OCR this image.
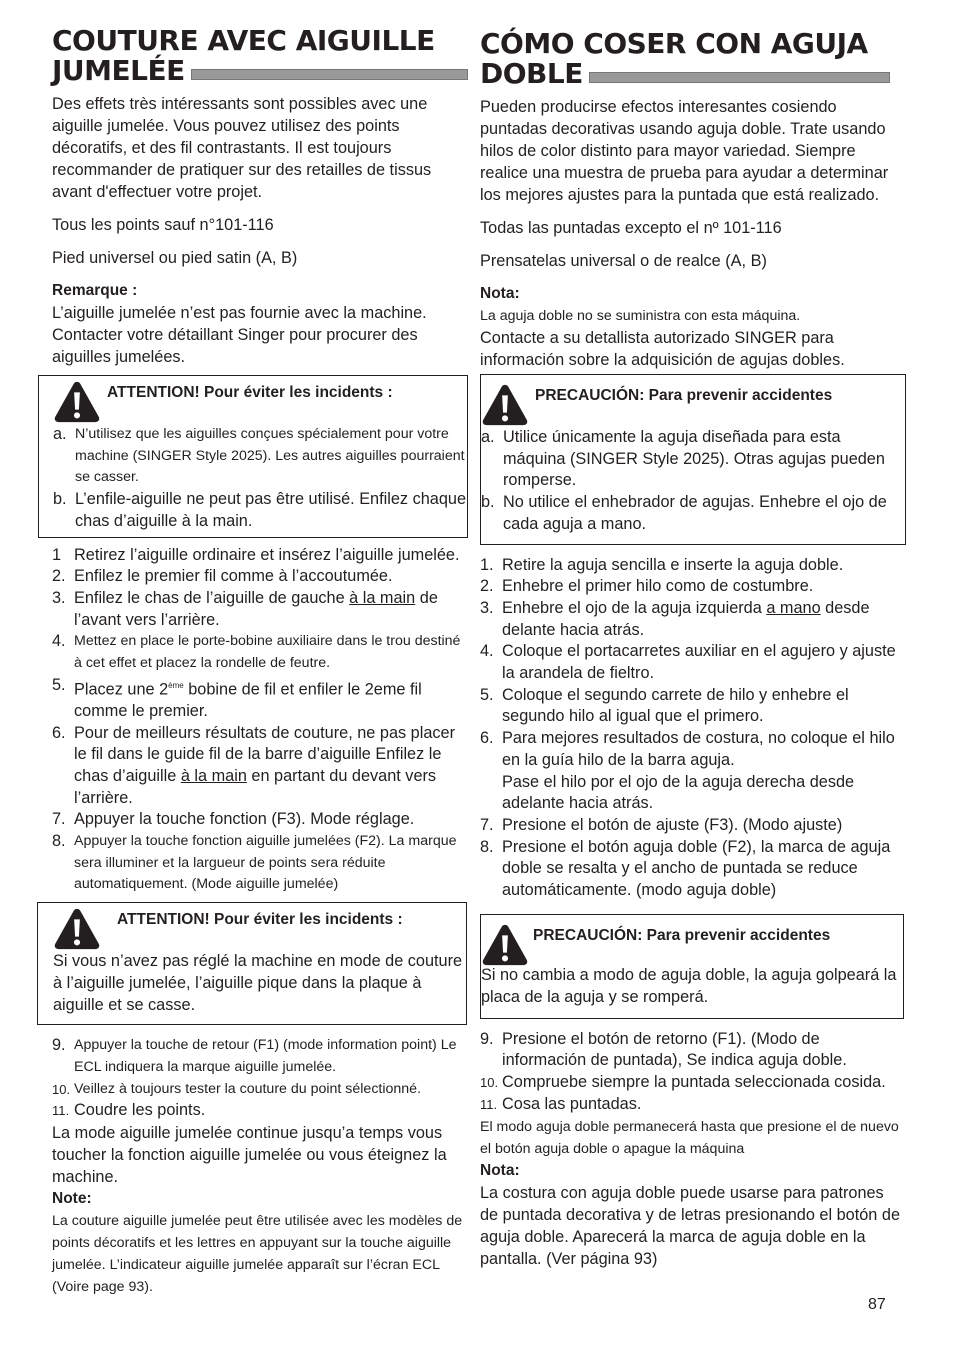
COUTURE AVEC AIGUILLE
JUMELÉE

Des effets très intéressants sont possibles avec une aiguille jumelée. Vous pouvez utilisez des points décoratifs, et des fil contrastants. Il est toujours recommander de pratiquer sur des retailles de tissus avant d'effectuer votre projet.

Tous les points sauf n°101-116

Pied universel ou pied satin (A, B)

Remarque :

L’aiguille jumelée n’est pas fournie avec la machine. Contacter votre détaillant Singer pour procurer des aiguilles jumelées.

ATTENTION! Pour éviter les incidents :
a. N’utilisez que les aiguilles conçues spécialement pour votre machine (SINGER Style 2025). Les autres aiguilles pourraient se casser.
b. L’enfile-aiguille ne peut pas être utilisé. Enfilez chaque chas d’aiguille à la main.
1 Retirez l’aiguille ordinaire et insérez l’aiguille jumelée.
2. Enfilez le premier fil comme à l’accoutumée.
3. Enfilez le chas de l’aiguille de gauche à la main de l’avant vers l’arrière.
4. Mettez en place le porte-bobine auxiliaire dans le trou destiné à cet effet et placez la rondelle de feutre.
5. Placez une 2ème bobine de fil et enfiler le 2eme fil comme le premier.
6. Pour de meilleurs résultats de couture, ne pas placer le fil dans le guide fil de la barre d’aiguille Enfilez le chas d’aiguille à la main en partant du devant vers l’arrière.
7. Appuyer la touche fonction (F3). Mode réglage.
8. Appuyer la touche fonction aiguille jumelées (F2). La marque sera illuminer et la largueur de points sera réduite automatiquement. (Mode aiguille jumelée)
ATTENTION! Pour éviter les incidents :

Si vous n’avez pas réglé la machine en mode de couture à l’aiguille jumelée, l’aiguille pique dans la plaque à aiguille et se casse.

9. Appuyer la touche de retour (F1) (mode information point) Le ECL indiquera la marque aiguille jumelée.
10. Veillez à toujours tester la couture du point sélectionné.
11. Coudre les points.

La mode aiguille jumelée continue jusqu’a temps vous toucher la fonction aiguille jumelée ou vous éteignez la machine.

Note:

La couture aiguille jumelée peut être utilisée avec les modèles de points décoratifs et les lettres en appuyant sur la touche aiguille jumelée. L’indicateur aiguille jumelée apparaît sur l’écran ECL (Voire page 93).

CÓMO COSER CON AGUJA
DOBLE

Pueden producirse efectos interesantes cosiendo puntadas decorativas usando aguja doble. Trate usando hilos de color distinto para mayor variedad. Siempre realice una muestra de prueba para ayudar a determinar los mejores ajustes para la puntada que está realizado.

Todas las puntadas excepto el nº 101-116

Prensatelas universal o de realce (A, B)

Nota:

La aguja doble no se suministra con esta máquina.

Contacte a su detallista autorizado SINGER para información sobre la adquisición de agujas dobles.

PRECAUCIÓN: Para prevenir accidentes
a. Utilice únicamente la aguja diseñada para esta máquina (SINGER Style 2025). Otras agujas pueden romperse.
b. No utilice el enhebrador de agujas. Enhebre el ojo de cada aguja a mano.
1. Retire la aguja sencilla e inserte la aguja doble.
2. Enhebre el primer hilo como de costumbre.
3. Enhebre el ojo de la aguja izquierda a mano desde delante hacia atrás.
4. Coloque el portacarretes auxiliar en el agujero y ajuste la arandela de fieltro.
5. Coloque el segundo carrete de hilo y enhebre el segundo hilo al igual que el primero.
6. Para mejores resultados de costura, no coloque el hilo en la guía hilo de la barra aguja.
Pase el hilo por el ojo de la aguja derecha desde adelante hacia atrás.
7. Presione el botón de ajuste (F3). (Modo ajuste)
8. Presione el botón aguja doble (F2), la marca de aguja doble se resalta y el ancho de puntada se reduce automáticamente. (modo aguja doble)
PRECAUCIÓN: Para prevenir accidentes

Si no cambia a modo de aguja doble, la aguja golpeará la placa de la aguja y se romperá.

9. Presione el botón de retorno (F1). (Modo de información de puntada), Se indica aguja doble.
10. Compruebe siempre la puntada seleccionada cosida.
11. Cosa las puntadas.

El modo aguja doble permanecerá hasta que presione el de nuevo el botón aguja doble o apague la máquina

Nota:

La costura con aguja doble puede usarse para patrones de puntada decorativa y de letras presionando el botón de aguja doble. Aparecerá la marca de aguja doble en la pantalla. (Ver página 93)

87
